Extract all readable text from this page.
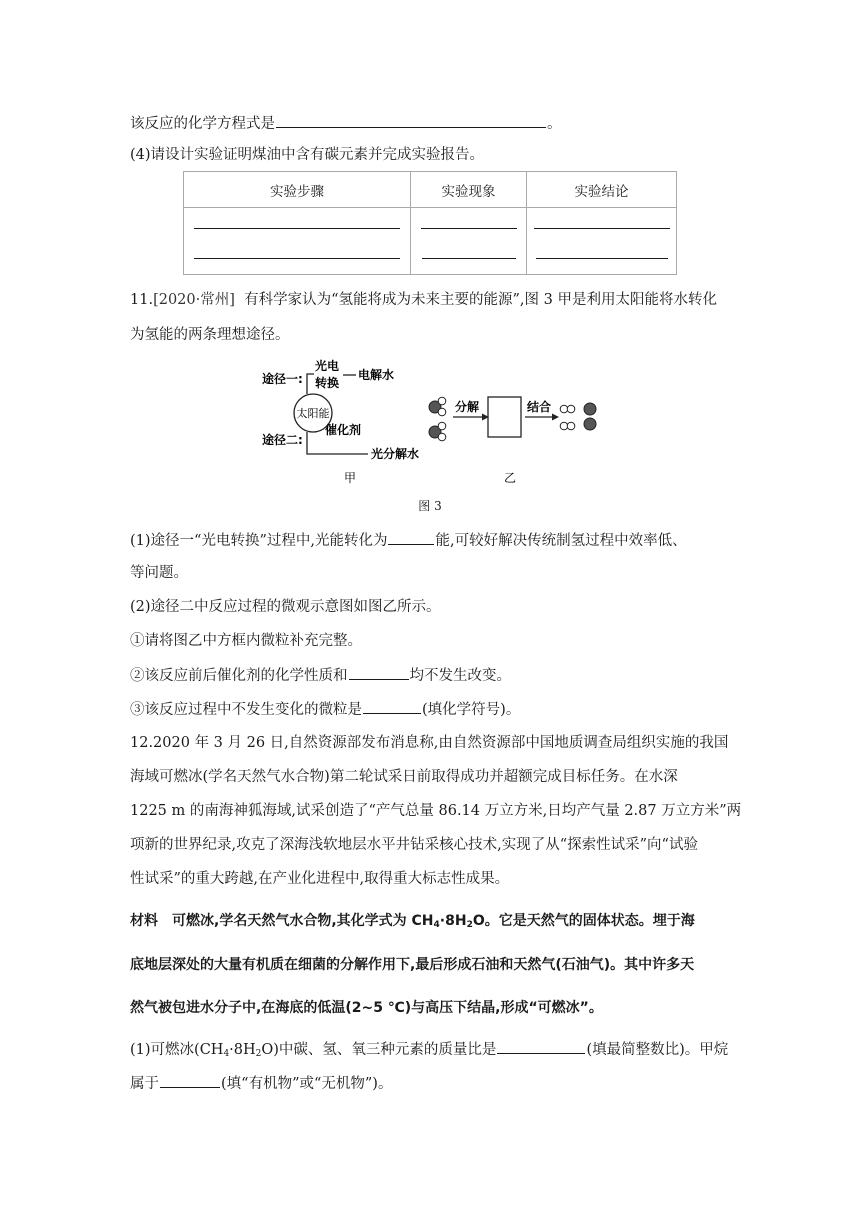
该反应的化学方程式是	。
(4)请设计实验证明煤油中含有碳元素并完成实验报告。
实验步骤	实验现象	实验结论

11.[2020·常州] 有科学家认为“氢能将成为未来主要的能源”,图 3 甲是利用太阳能将水转化
为氢能的两条理想途径。
途径一:
途径二:
太阳能
光电
转换
电解水
催化剂
光分解水
甲
分解	结合
乙
图 3
(1)途径一“光电转换”过程中,光能转化为	能,可较好解决传统制氢过程中效率低、
等问题。
(2)途径二中反应过程的微观示意图如图乙所示。
①请将图乙中方框内微粒补充完整。
②该反应前后催化剂的化学性质和	均不发生改变。
③该反应过程中不发生变化的微粒是	(填化学符号)。
12.2020 年 3 月 26 日,自然资源部发布消息称,由自然资源部中国地质调查局组织实施的我国
海域可燃冰(学名天然气水合物)第二轮试采日前取得成功并超额完成目标任务。在水深
1225 m 的南海神狐海域,试采创造了“产气总量 86.14 万立方米,日均产气量 2.87 万立方米”两
项新的世界纪录,攻克了深海浅软地层水平井钻采核心技术,实现了从“探索性试采”向“试验
性试采”的重大跨越,在产业化进程中,取得重大标志性成果。
材料　可燃冰,学名天然气水合物,其化学式为 $CH_4\cdot 8H_2O$。它是天然气的固体状态。埋于海
底地层深处的大量有机质在细菌的分解作用下,最后形成石油和天然气(石油气)。其中许多天
然气被包进水分子中,在海底的低温(2~5 ℃)与高压下结晶,形成“可燃冰”。
(1)可燃冰$(CH_4\cdot 8H_2O)$中碳、氢、氧三种元素的质量比是	(填最简整数比)。甲烷
属于	(填“有机物”或“无机物”)。
